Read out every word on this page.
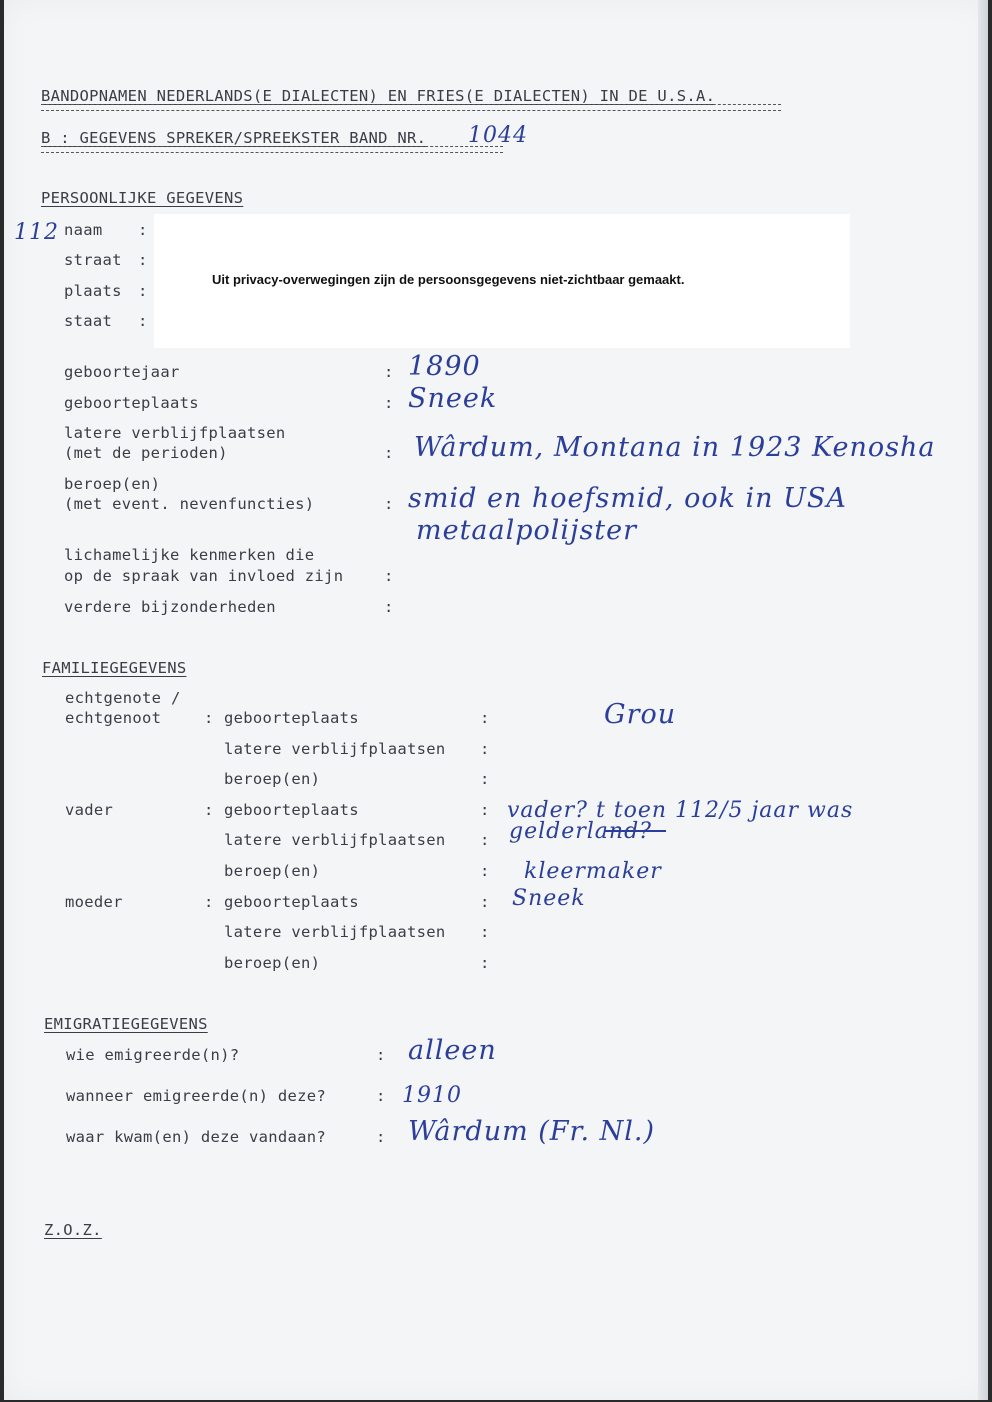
BANDOPNAMEN NEDERLANDS(E DIALECTEN) EN FRIES(E DIALECTEN) IN DE U.S.A.

B : GEGEVENS SPREKER/SPREEKSTER BAND NR. 1044

PERSOONLIJKE GEGEVENS

112 naam :

straat :

plaats :

staat :

Uit privacy-overwegingen zijn de persoonsgegevens niet-zichtbaar gemaakt.

geboortejaar	: 1890

geboorteplaats	: Sneek

latere verblijfplaatsen

(met de perioden)	: Wârdum, Montana in 1923 Kenosha

beroep(en)

(met event. nevenfuncties)	: smid en hoefsmid, ook in USA

metaalpolijster

lichamelijke kenmerken die

op de spraak van invloed zijn	:

verdere bijzonderheden	:

FAMILIEGEGEVENS

echtgenote /

echtgenoot	: geboorteplaats	:	Grou

latere verblijfplaatsen :

beroep(en)	:

vader	: geboorteplaats	: vader? t toen 112/5 jaar was

latere verblijfplaatsen : gelderland?

beroep(en)	: kleermaker

moeder	: geboorteplaats	: Sneek

latere verblijfplaatsen :

beroep(en)	:

EMIGRATIEGEGEVENS

wie emigreerde(n)?	: alleen

wanneer emigreerde(n) deze?	: 1910

waar kwam(en) deze vandaan?	: Wârdum (Fr. Nl.)

Z.O.Z.
